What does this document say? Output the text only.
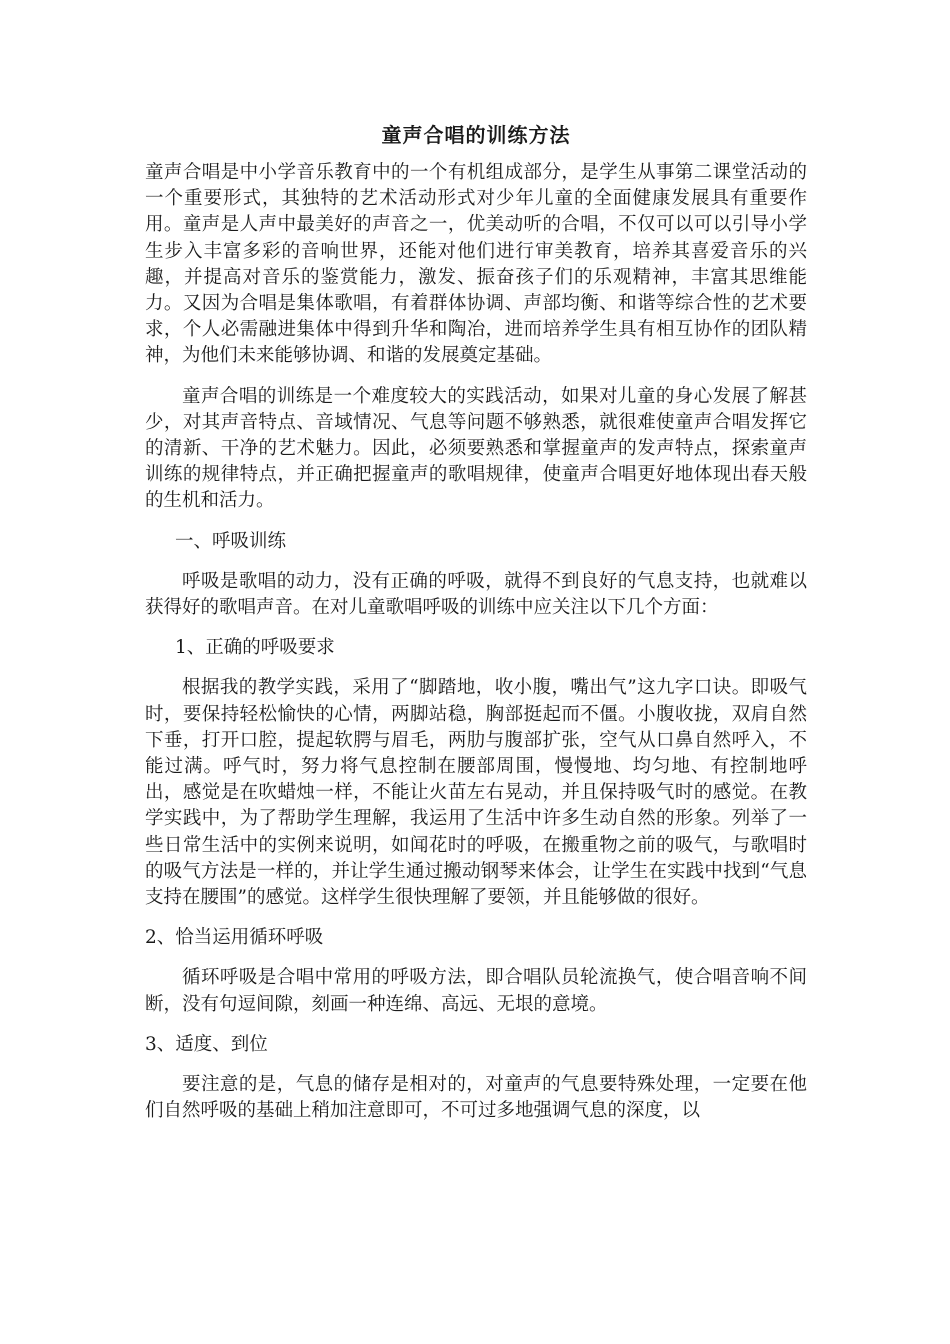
童声合唱的训练方法

童声合唱是中小学音乐教育中的一个有机组成部分，是学生从事第二课堂活动的一个重要形式，其独特的艺术活动形式对少年儿童的全面健康发展具有重要作用。童声是人声中最美好的声音之一，优美动听的合唱，不仅可以可以引导小学生步入丰富多彩的音响世界，还能对他们进行审美教育，培养其喜爱音乐的兴趣，并提高对音乐的鉴赏能力，激发、振奋孩子们的乐观精神，丰富其思维能力。又因为合唱是集体歌唱，有着群体协调、声部均衡、和谐等综合性的艺术要求，个人必需融进集体中得到升华和陶冶，进而培养学生具有相互协作的团队精神，为他们未来能够协调、和谐的发展奠定基础。

童声合唱的训练是一个难度较大的实践活动，如果对儿童的身心发展了解甚少，对其声音特点、音域情况、气息等问题不够熟悉，就很难使童声合唱发挥它的清新、干净的艺术魅力。因此，必须要熟悉和掌握童声的发声特点，探索童声训练的规律特点，并正确把握童声的歌唱规律，使童声合唱更好地体现出春天般的生机和活力。

一、呼吸训练

呼吸是歌唱的动力，没有正确的呼吸，就得不到良好的气息支持，也就难以获得好的歌唱声音。在对儿童歌唱呼吸的训练中应关注以下几个方面：

1、正确的呼吸要求

根据我的教学实践，采用了“脚踏地，收小腹，嘴出气”这九字口诀。即吸气时，要保持轻松愉快的心情，两脚站稳，胸部挺起而不僵。小腹收拢，双肩自然下垂，打开口腔，提起软腭与眉毛，两肋与腹部扩张，空气从口鼻自然呼入，不能过满。呼气时，努力将气息控制在腰部周围，慢慢地、均匀地、有控制地呼出，感觉是在吹蜡烛一样，不能让火苗左右晃动，并且保持吸气时的感觉。在教学实践中，为了帮助学生理解，我运用了生活中许多生动自然的形象。列举了一些日常生活中的实例来说明，如闻花时的呼吸，在搬重物之前的吸气，与歌唱时的吸气方法是一样的，并让学生通过搬动钢琴来体会，让学生在实践中找到“气息支持在腰围”的感觉。这样学生很快理解了要领，并且能够做的很好。

2、恰当运用循环呼吸

循环呼吸是合唱中常用的呼吸方法，即合唱队员轮流换气，使合唱音响不间断，没有句逗间隙，刻画一种连绵、高远、无垠的意境。

3、适度、到位

要注意的是，气息的储存是相对的，对童声的气息要特殊处理，一定要在他们自然呼吸的基础上稍加注意即可，不可过多地强调气息的深度，以
